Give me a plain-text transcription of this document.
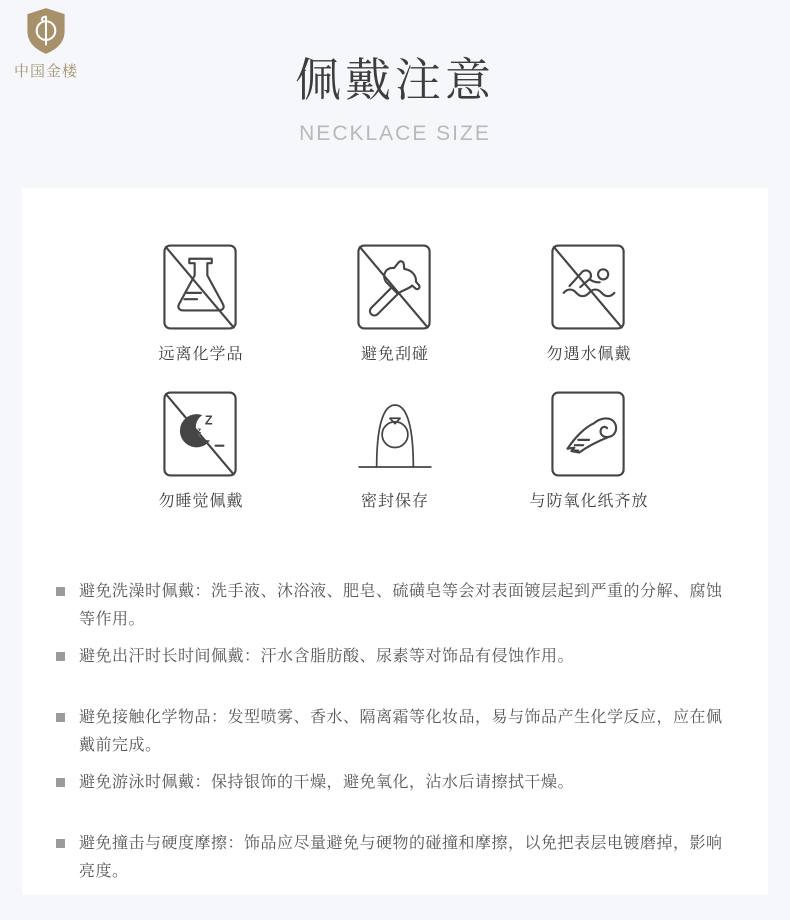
中国金楼	佩戴注意
NECKLACE SIZE
远离化学品	避免刮碰	勿遇水佩戴
Z
z
勿睡觉佩戴	密封保存	与防氧化纸齐放
避免洗澡时佩戴：洗手液、沐浴液、肥皂、硫磺皂等会对表面镀层起到严重的分解、腐蚀等作用。
避免出汗时长时间佩戴：汗水含脂肪酸、尿素等对饰品有侵蚀作用。
避免接触化学物品：发型喷雾、香水、隔离霜等化妆品，易与饰品产生化学反应，应在佩戴前完成。
避免游泳时佩戴：保持银饰的干燥，避免氧化，沾水后请擦拭干燥。
避免撞击与硬度摩擦：饰品应尽量避免与硬物的碰撞和摩擦，以免把表层电镀磨掉，影响亮度。
